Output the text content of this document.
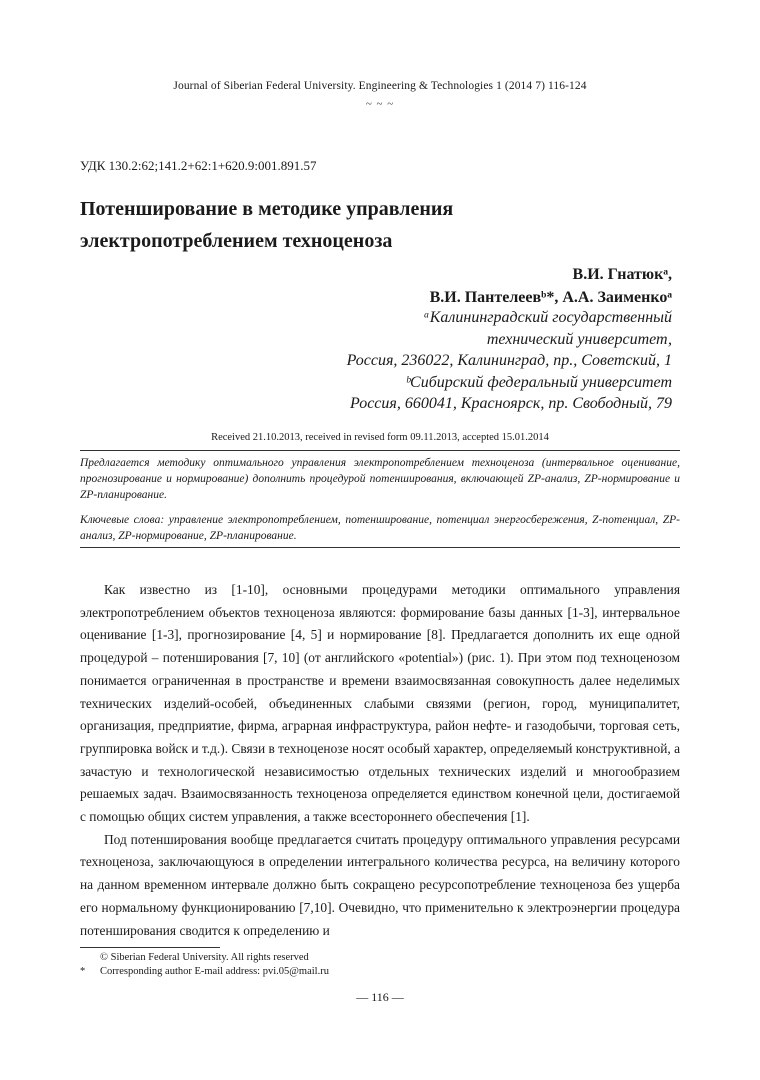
Journal of Siberian Federal University. Engineering & Technologies 1 (2014 7) 116-124
~ ~ ~
УДК 130.2:62;141.2+62:1+620.9:001.891.57
Потенширование в методике управления электропотреблением техноценоза
В.И. Гнатюкᵃ,
В.И. Пантелеевᵇ*, А.А. Заименкоᵃ
ᵃКалининградский государственный
технический университет,
Россия, 236022, Калининград, пр., Советский, 1
ᵇСибирский федеральный университет
Россия, 660041, Красноярск, пр. Свободный, 79
Received 21.10.2013, received in revised form 09.11.2013, accepted 15.01.2014

Предлагается методику оптимального управления электропотреблением техноценоза (интервальное оценивание, прогнозирование и нормирование) дополнить процедурой потенширования, включающей ZP-анализ, ZP-нормирование и ZP-планирование.

Ключевые слова: управление электропотреблением, потенширование, потенциал энергосбережения, Z-потенциал, ZP-анализ, ZP-нормирование, ZP-планирование.

Как известно из [1-10], основными процедурами методики оптимального управления электропотреблением объектов техноценоза являются: формирование базы данных [1-3], интервальное оценивание [1-3], прогнозирование [4, 5] и нормирование [8]. Предлагается дополнить их еще одной процедурой – потенширования [7, 10] (от английского «potential») (рис. 1). При этом под техноценозом понимается ограниченная в пространстве и времени взаимосвязанная совокупность далее неделимых технических изделий-особей, объединенных слабыми связями (регион, город, муниципалитет, организация, предприятие, фирма, аграрная инфраструктура, район нефте- и газодобычи, торговая сеть, группировка войск и т.д.). Связи в техноценозе носят особый характер, определяемый конструктивной, а зачастую и технологической независимостью отдельных технических изделий и многообразием решаемых задач. Взаимосвязанность техноценоза определяется единством конечной цели, достигаемой с помощью общих систем управления, а также всестороннего обеспечения [1].

Под потенширования вообще предлагается считать процедуру оптимального управления ресурсами техноценоза, заключающуюся в определении интегрального количества ресурса, на величину которого на данном временном интервале должно быть сокращено ресурсопотребление техноценоза без ущерба его нормальному функционированию [7,10]. Очевидно, что применительно к электроэнергии процедура потенширования сводится к определению и

© Siberian Federal University. All rights reserved
* Corresponding author E-mail address: pvi.05@mail.ru
— 116 —
